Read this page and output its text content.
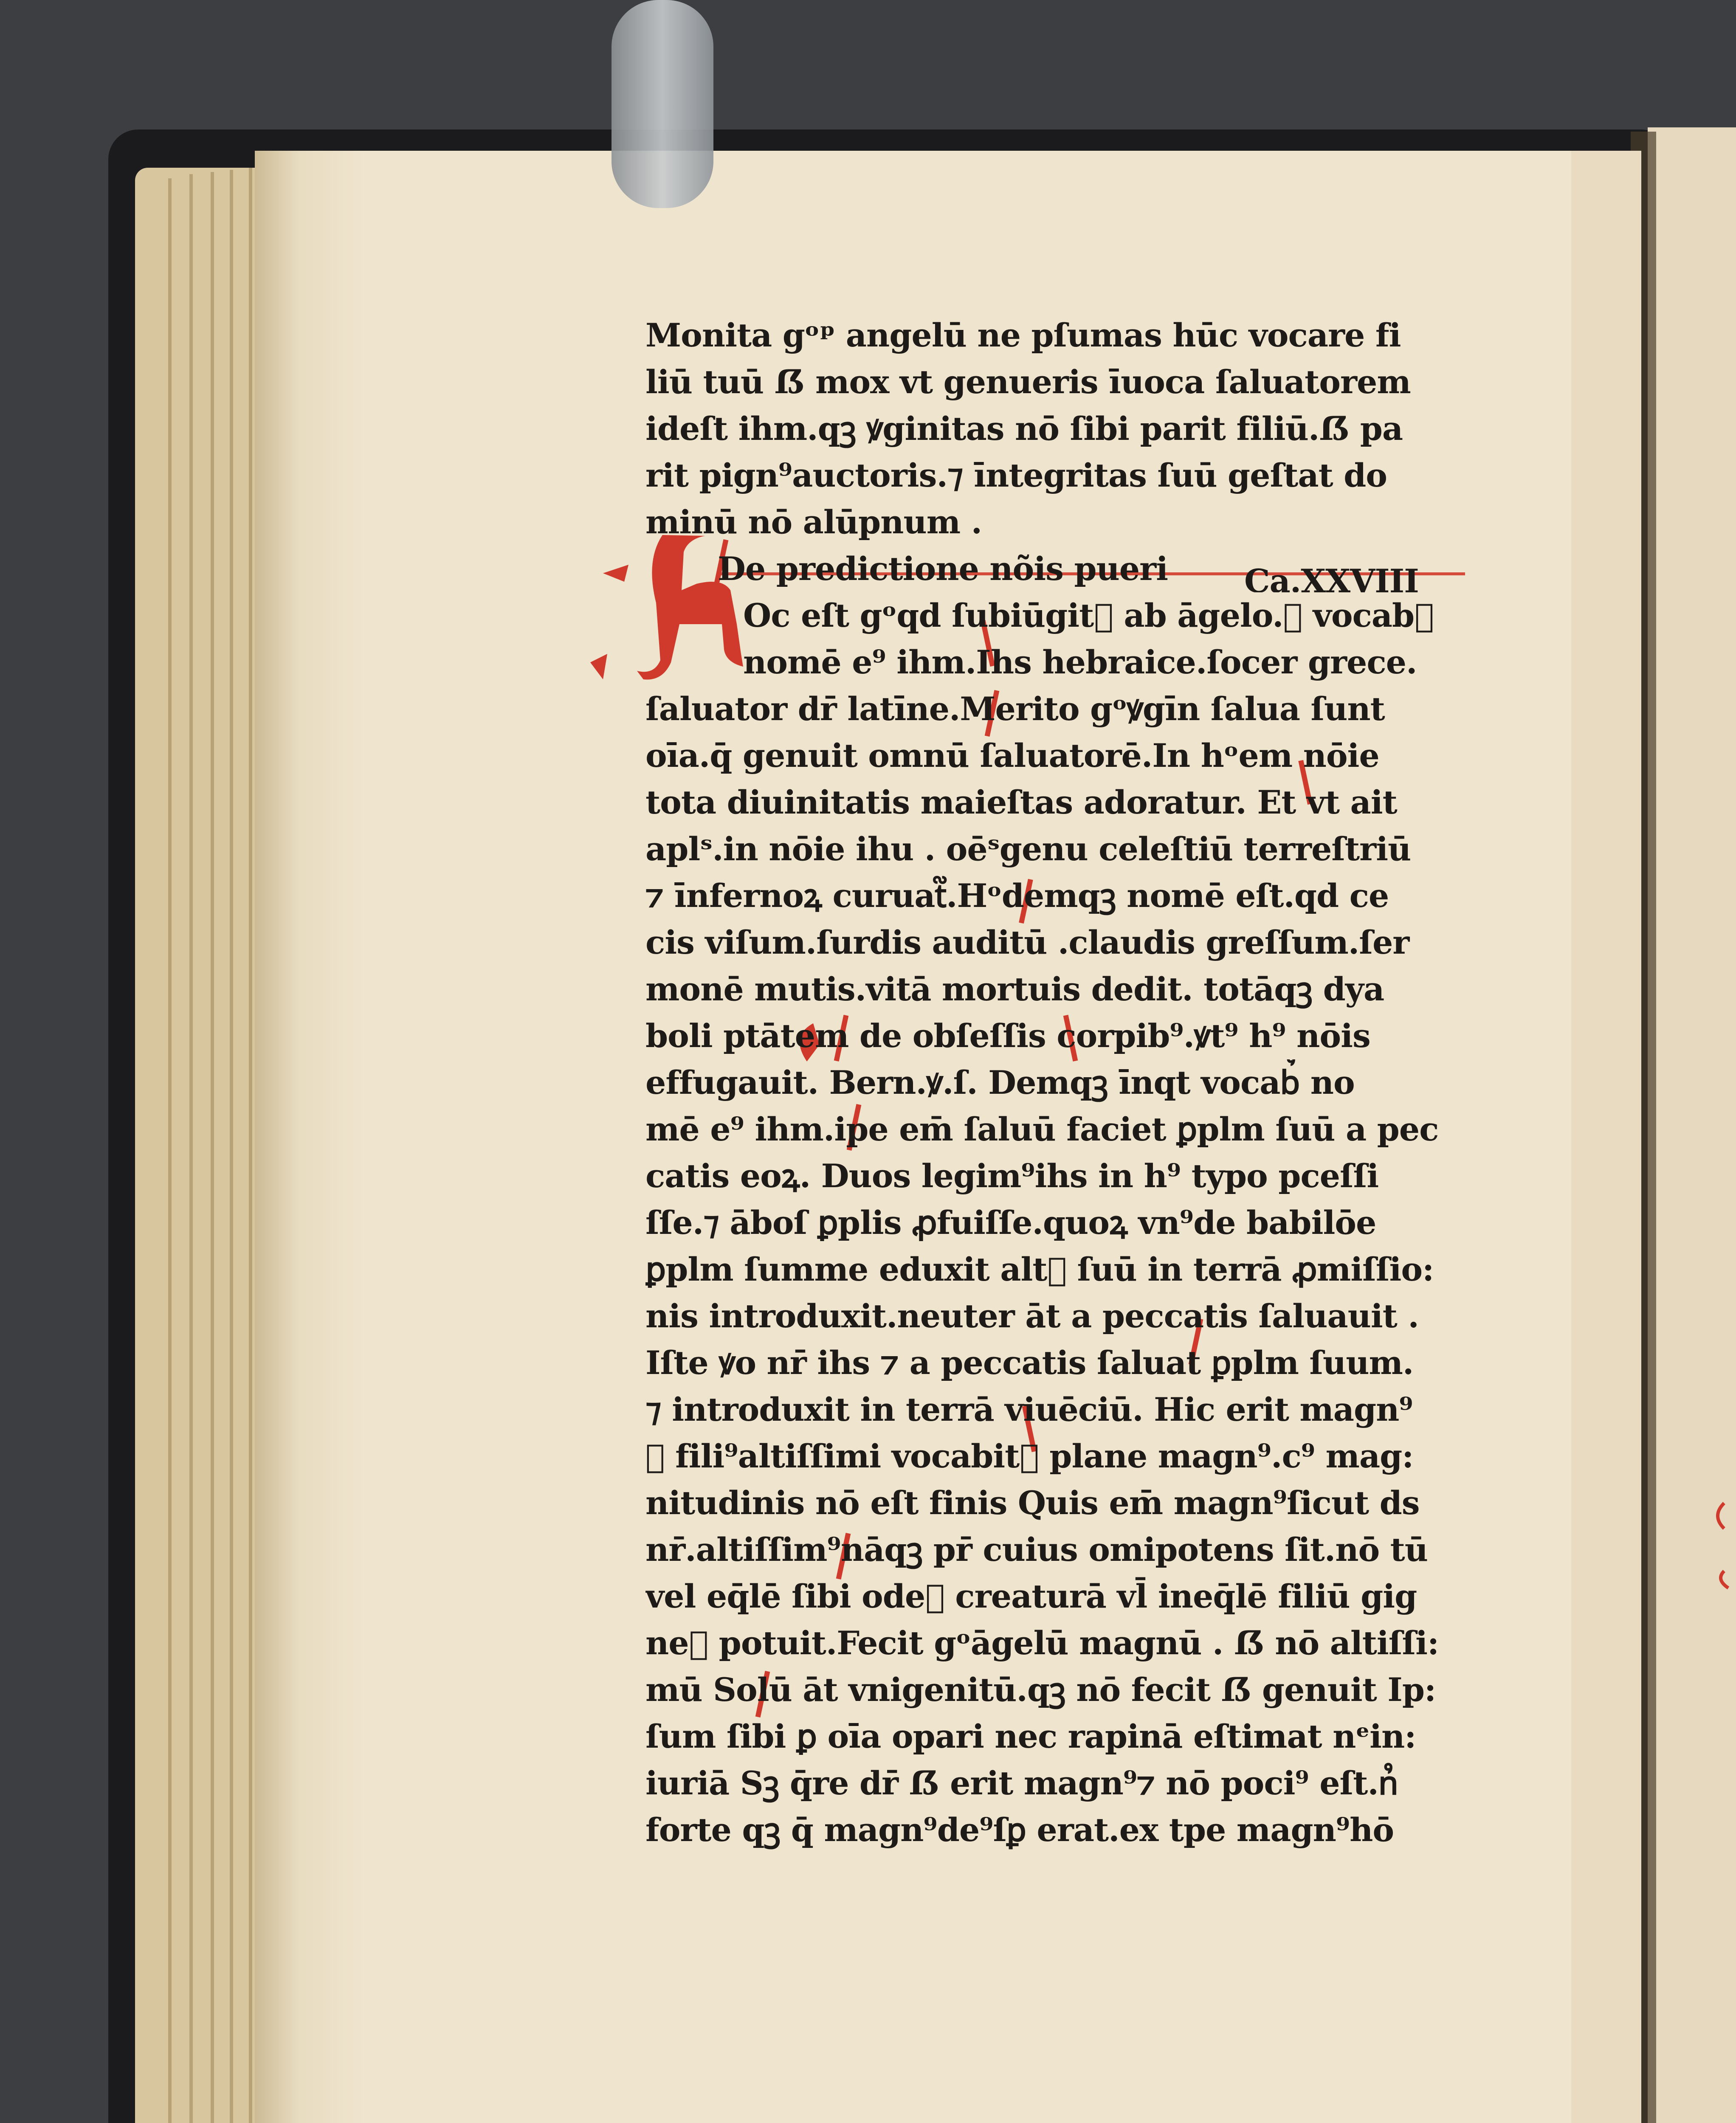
Monita gᵒᵖ angelū ne pſumas hūc vocare fi
liū tuū ẞ mox vt genueris īuoca ſaluatorem
ideſt ihm.qꝫ ꝟginitas nō ſibi parit filiū.ẞ pa
rit pign⁹auctoris.⁊ īntegritas ſuū geſtat do
minū nō alūpnum .
De predictione nõis pueri Ca.XXVIII
Oc eſt gᵒqd ſubiūgit᷑ ab āgelo.⁊ vocab᷒
nomē e⁹ ihm.Ihs hebraice.ſocer grece.
ſaluator dr̄ latīne.Merito gᵒꝟgīn ſalua ſunt
oīa.q̄ genuit omnū ſaluatorē.In hᵒem nōie
tota diuinitatis maieſtas adoratur. Et vt ait
aplˢ.in nōie ihu . oēˢgenu celeſtiū terreſtriū
⁊ īnfernoꝝ curuat᷑.Hᵒdemqꝫ nomē eſt.qd ce
cis viſum.ſurdis auditū .claudis greſſum.ſer
monē mutis.vitā mortuis dedit. totāqꝫ dya
boli ptātem de obſeſſis corpib⁹.ꝟt⁹ h⁹ nōis
effugauit. Bern.ꝟ.ſ. Demqꝫ īnqt vocab᷒ no
mē e⁹ ihm.ipe em̄ ſaluū faciet ꝑplm ſuū a pec
catis eoꝝ. Duos legim⁹ihs in h⁹ typo pceſſi
ſſe.⁊ āboſ ꝑplis ꝓfuiſſe.quoꝝ vn⁹de babilōe
ꝑplm ſumme eduxit alt᷒ ſuū in terrā ꝓmiſſio:
nis introduxit.neuter āt a peccatis ſaluauit .
Iſte ꝟo nr̄ ihs ⁊ a peccatis ſaluat ꝑplm ſuum.
⁊ introduxit in terrā viuēciū. Hic erit magn⁹
⁊ fili⁹altiſſimi vocabit᷑ plane magn⁹.c⁹ mag:
nitudinis nō eſt finis Quis em̄ magn⁹ſicut ds
nr̄.altiſſim⁹nāqꝫ pr̄ cuius omipotens ſit.nō tū
vel eq̄lē ſibi ode᷒ creaturā vl̄ ineq̄lē filiū gig
ne᷒ potuit.Fecit gᵒāgelū magnū . ẞ nō altiſſi:
mū Solū āt vnigenitū.qꝫ nō fecit ẞ genuit Ip:
ſum ſibi ꝑ oīa opari nec rapinā eſtimat nᵉin:
iuriā Sꝫ q̄re dr̄ ẞ erit magn⁹⁊ nō poci⁹ eſt.n᷒
forte qꝫ q̄ magn⁹de⁹ſꝑ erat.ex tpe magn⁹hō
